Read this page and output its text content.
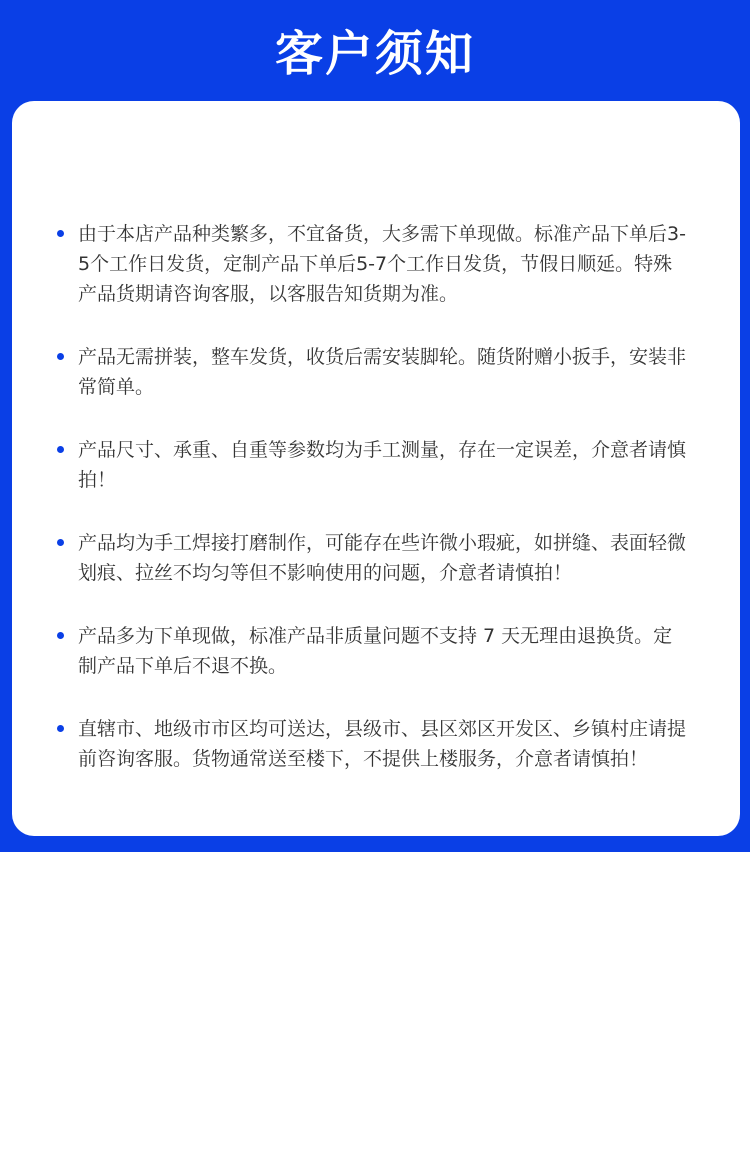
客户须知
由于本店产品种类繁多，不宜备货，大多需下单现做。标准产品下单后3-5个工作日发货，定制产品下单后5-7个工作日发货，节假日顺延。特殊产品货期请咨询客服，以客服告知货期为准。
产品无需拼装，整车发货，收货后需安装脚轮。随货附赠小扳手，安装非常简单。
产品尺寸、承重、自重等参数均为手工测量，存在一定误差，介意者请慎拍！
产品均为手工焊接打磨制作，可能存在些许微小瑕疵，如拼缝、表面轻微划痕、拉丝不均匀等但不影响使用的问题，介意者请慎拍！
产品多为下单现做，标准产品非质量问题不支持 7 天无理由退换货。定制产品下单后不退不换。
直辖市、地级市市区均可送达，县级市、县区郊区开发区、乡镇村庄请提前咨询客服。货物通常送至楼下，不提供上楼服务，介意者请慎拍！
